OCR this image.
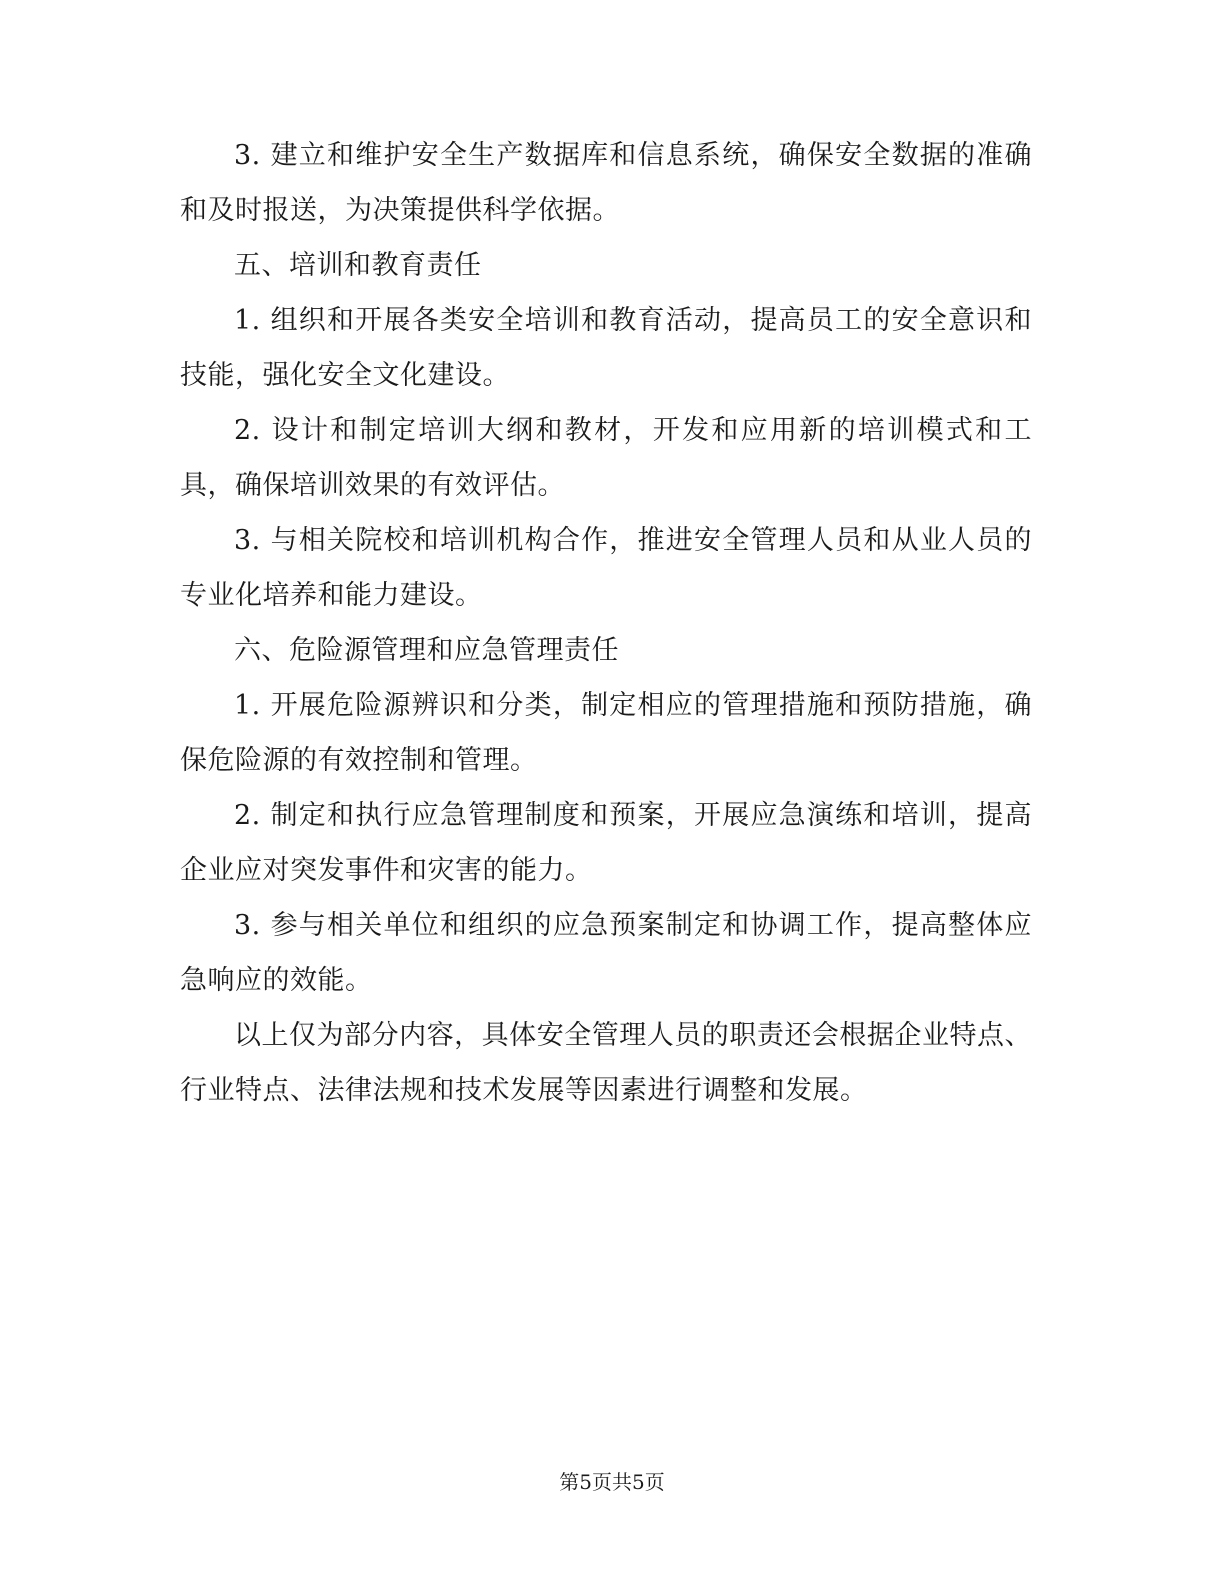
3. 建立和维护安全生产数据库和信息系统，确保安全数据的准确和及时报送，为决策提供科学依据。

五、培训和教育责任

1. 组织和开展各类安全培训和教育活动，提高员工的安全意识和技能，强化安全文化建设。

2. 设计和制定培训大纲和教材，开发和应用新的培训模式和工具，确保培训效果的有效评估。

3. 与相关院校和培训机构合作，推进安全管理人员和从业人员的专业化培养和能力建设。

六、危险源管理和应急管理责任

1. 开展危险源辨识和分类，制定相应的管理措施和预防措施，确保危险源的有效控制和管理。

2. 制定和执行应急管理制度和预案，开展应急演练和培训，提高企业应对突发事件和灾害的能力。

3. 参与相关单位和组织的应急预案制定和协调工作，提高整体应急响应的效能。

以上仅为部分内容，具体安全管理人员的职责还会根据企业特点、行业特点、法律法规和技术发展等因素进行调整和发展。

第5页共5页
